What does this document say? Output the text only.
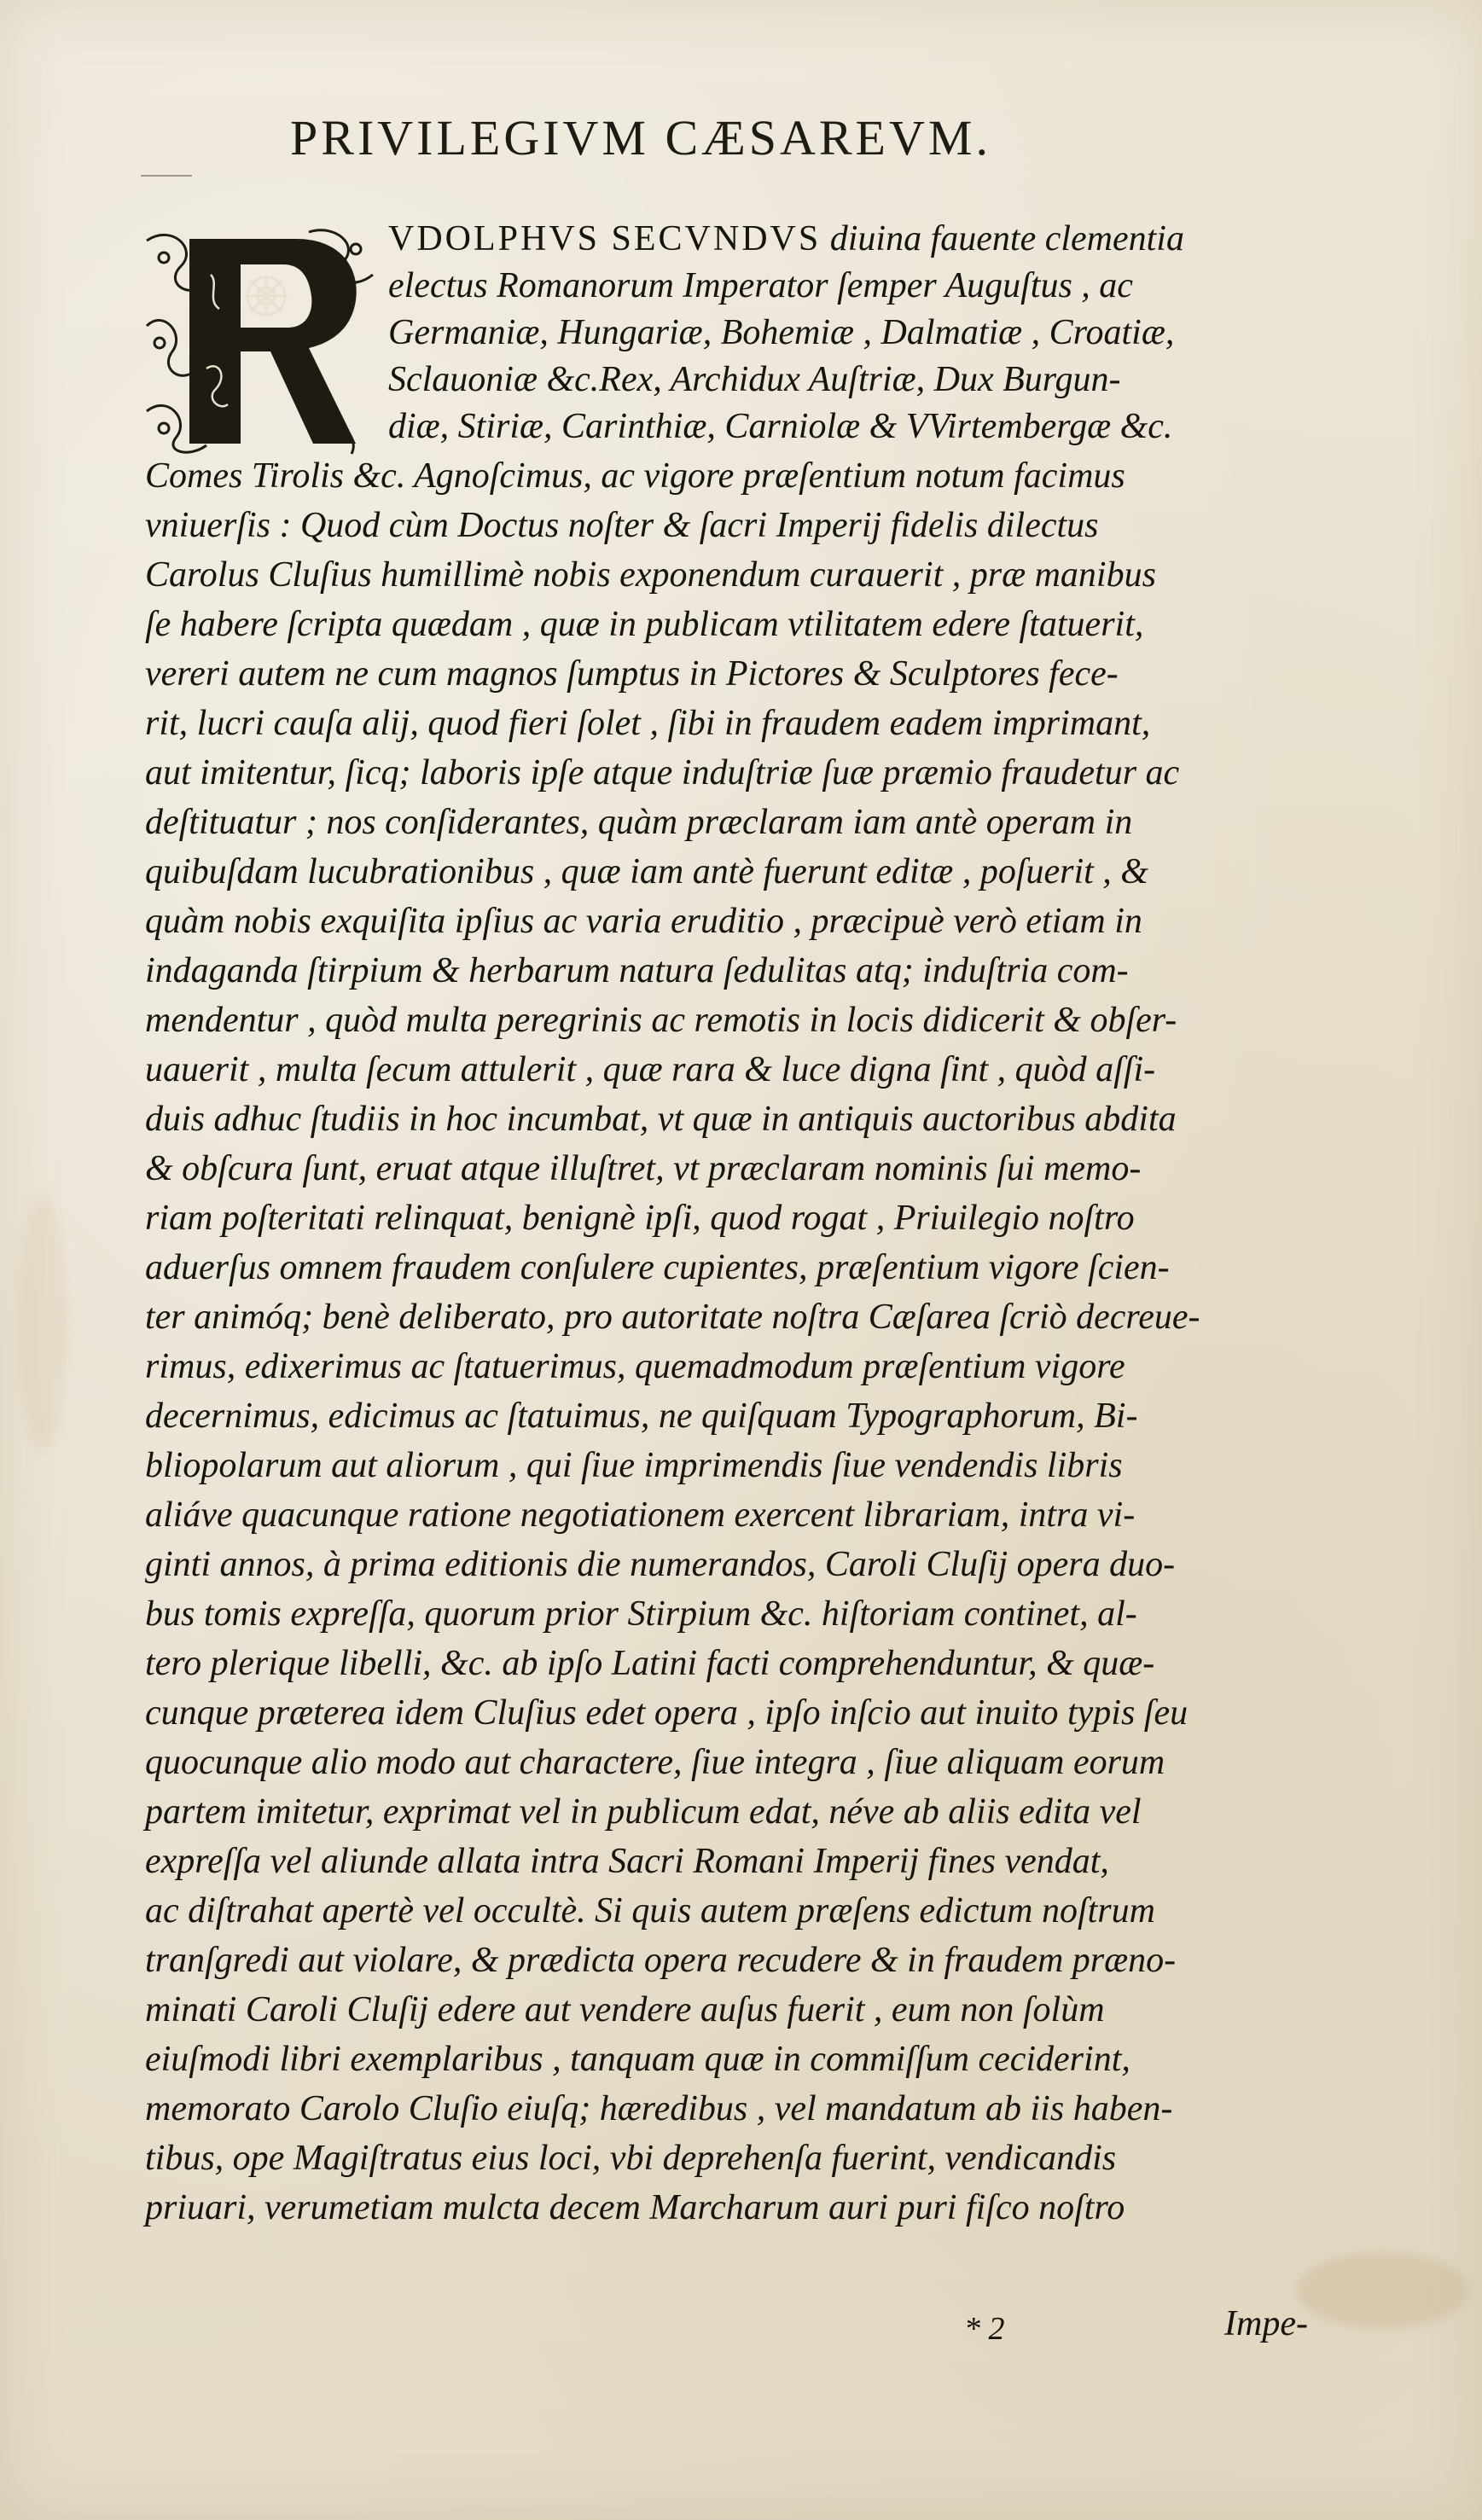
PRIVILEGIVM CÆSAREVM.
VDOLPHVS SECVNDVS diuina fauente clementia
electus Romanorum Imperator ſemper Auguſtus , ac
Germaniæ, Hungariæ, Bohemiæ , Dalmatiæ , Croatiæ,
Sclauoniæ &c.Rex, Archidux Auſtriæ, Dux Burgun-
diæ, Stiriæ, Carinthiæ, Carniolæ & VVirtembergæ &c.
Comes Tirolis &c. Agnoſcimus, ac vigore præſentium notum facimus
vniuerſis : Quod cùm Doctus noſter & ſacri Imperij fidelis dilectus
Carolus Cluſius humillimè nobis exponendum curauerit , præ manibus
ſe habere ſcripta quædam , quæ in publicam vtilitatem edere ſtatuerit,
vereri autem ne cum magnos ſumptus in Pictores & Sculptores fece-
rit, lucri cauſa alij, quod fieri ſolet , ſibi in fraudem eadem imprimant,
aut imitentur, ſicq; laboris ipſe atque induſtriæ ſuæ præmio fraudetur ac
deſtituatur ; nos conſiderantes, quàm præclaram iam antè operam in
quibuſdam lucubrationibus , quæ iam antè fuerunt editæ , poſuerit , &
quàm nobis exquiſita ipſius ac varia eruditio , præcipuè verò etiam in
indaganda ſtirpium & herbarum natura ſedulitas atq; induſtria com-
mendentur , quòd multa peregrinis ac remotis in locis didicerit & obſer-
uauerit , multa ſecum attulerit , quæ rara & luce digna ſint , quòd aſſi-
duis adhuc ſtudiis in hoc incumbat, vt quæ in antiquis auctoribus abdita
& obſcura ſunt, eruat atque illuſtret, vt præclaram nominis ſui memo-
riam poſteritati relinquat, benignè ipſi, quod rogat , Priuilegio noſtro
aduerſus omnem fraudem conſulere cupientes, præſentium vigore ſcien-
ter animóq; benè deliberato, pro autoritate noſtra Cæſarea ſcriò decreue-
rimus, edixerimus ac ſtatuerimus, quemadmodum præſentium vigore
decernimus, edicimus ac ſtatuimus, ne quiſquam Typographorum, Bi-
bliopolarum aut aliorum , qui ſiue imprimendis ſiue vendendis libris
aliáve quacunque ratione negotiationem exercent librariam, intra vi-
ginti annos, à prima editionis die numerandos, Caroli Cluſij opera duo-
bus tomis expreſſa, quorum prior Stirpium &c. hiſtoriam continet, al-
tero plerique libelli, &c. ab ipſo Latini facti comprehenduntur, & quæ-
cunque præterea idem Cluſius edet opera , ipſo inſcio aut inuito typis ſeu
quocunque alio modo aut charactere, ſiue integra , ſiue aliquam eorum
partem imitetur, exprimat vel in publicum edat, néve ab aliis edita vel
expreſſa vel aliunde allata intra Sacri Romani Imperij fines vendat,
ac diſtrahat apertè vel occultè. Si quis autem præſens edictum noſtrum
tranſgredi aut violare, & prædicta opera recudere & in fraudem præno-
minati Caroli Cluſij edere aut vendere auſus fuerit , eum non ſolùm
eiuſmodi libri exemplaribus , tanquam quæ in commiſſum ceciderint,
memorato Carolo Cluſio eiuſq; hæredibus , vel mandatum ab iis haben-
tibus, ope Magiſtratus eius loci, vbi deprehenſa fuerint, vendicandis
priuari, verumetiam mulcta decem Marcharum auri puri fiſco noſtro
* 2	Impe-
